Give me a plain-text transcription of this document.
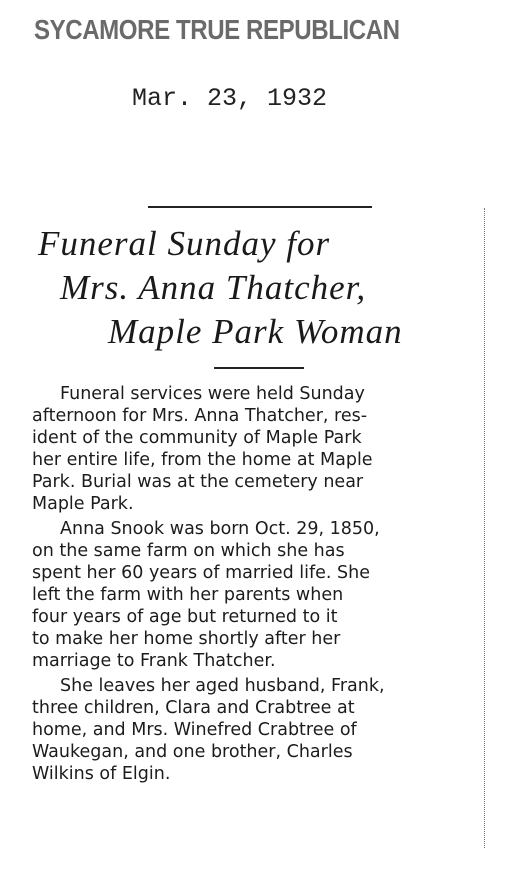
SYCAMORE TRUE REPUBLICAN
Mar. 23, 1932
Funeral Sunday for
Mrs. Anna Thatcher,
Maple Park Woman

Funeral services were held Sunday
afternoon for Mrs. Anna Thatcher, res-
ident of the community of Maple Park
her entire life, from the home at Maple
Park. Burial was at the cemetery near
Maple Park.

Anna Snook was born Oct. 29, 1850,
on the same farm on which she has
spent her 60 years of married life. She
left the farm with her parents when
four years of age but returned to it
to make her home shortly after her
marriage to Frank Thatcher.

She leaves her aged husband, Frank,
three children, Clara and Crabtree at
home, and Mrs. Winefred Crabtree of
Waukegan, and one brother, Charles
Wilkins of Elgin.
